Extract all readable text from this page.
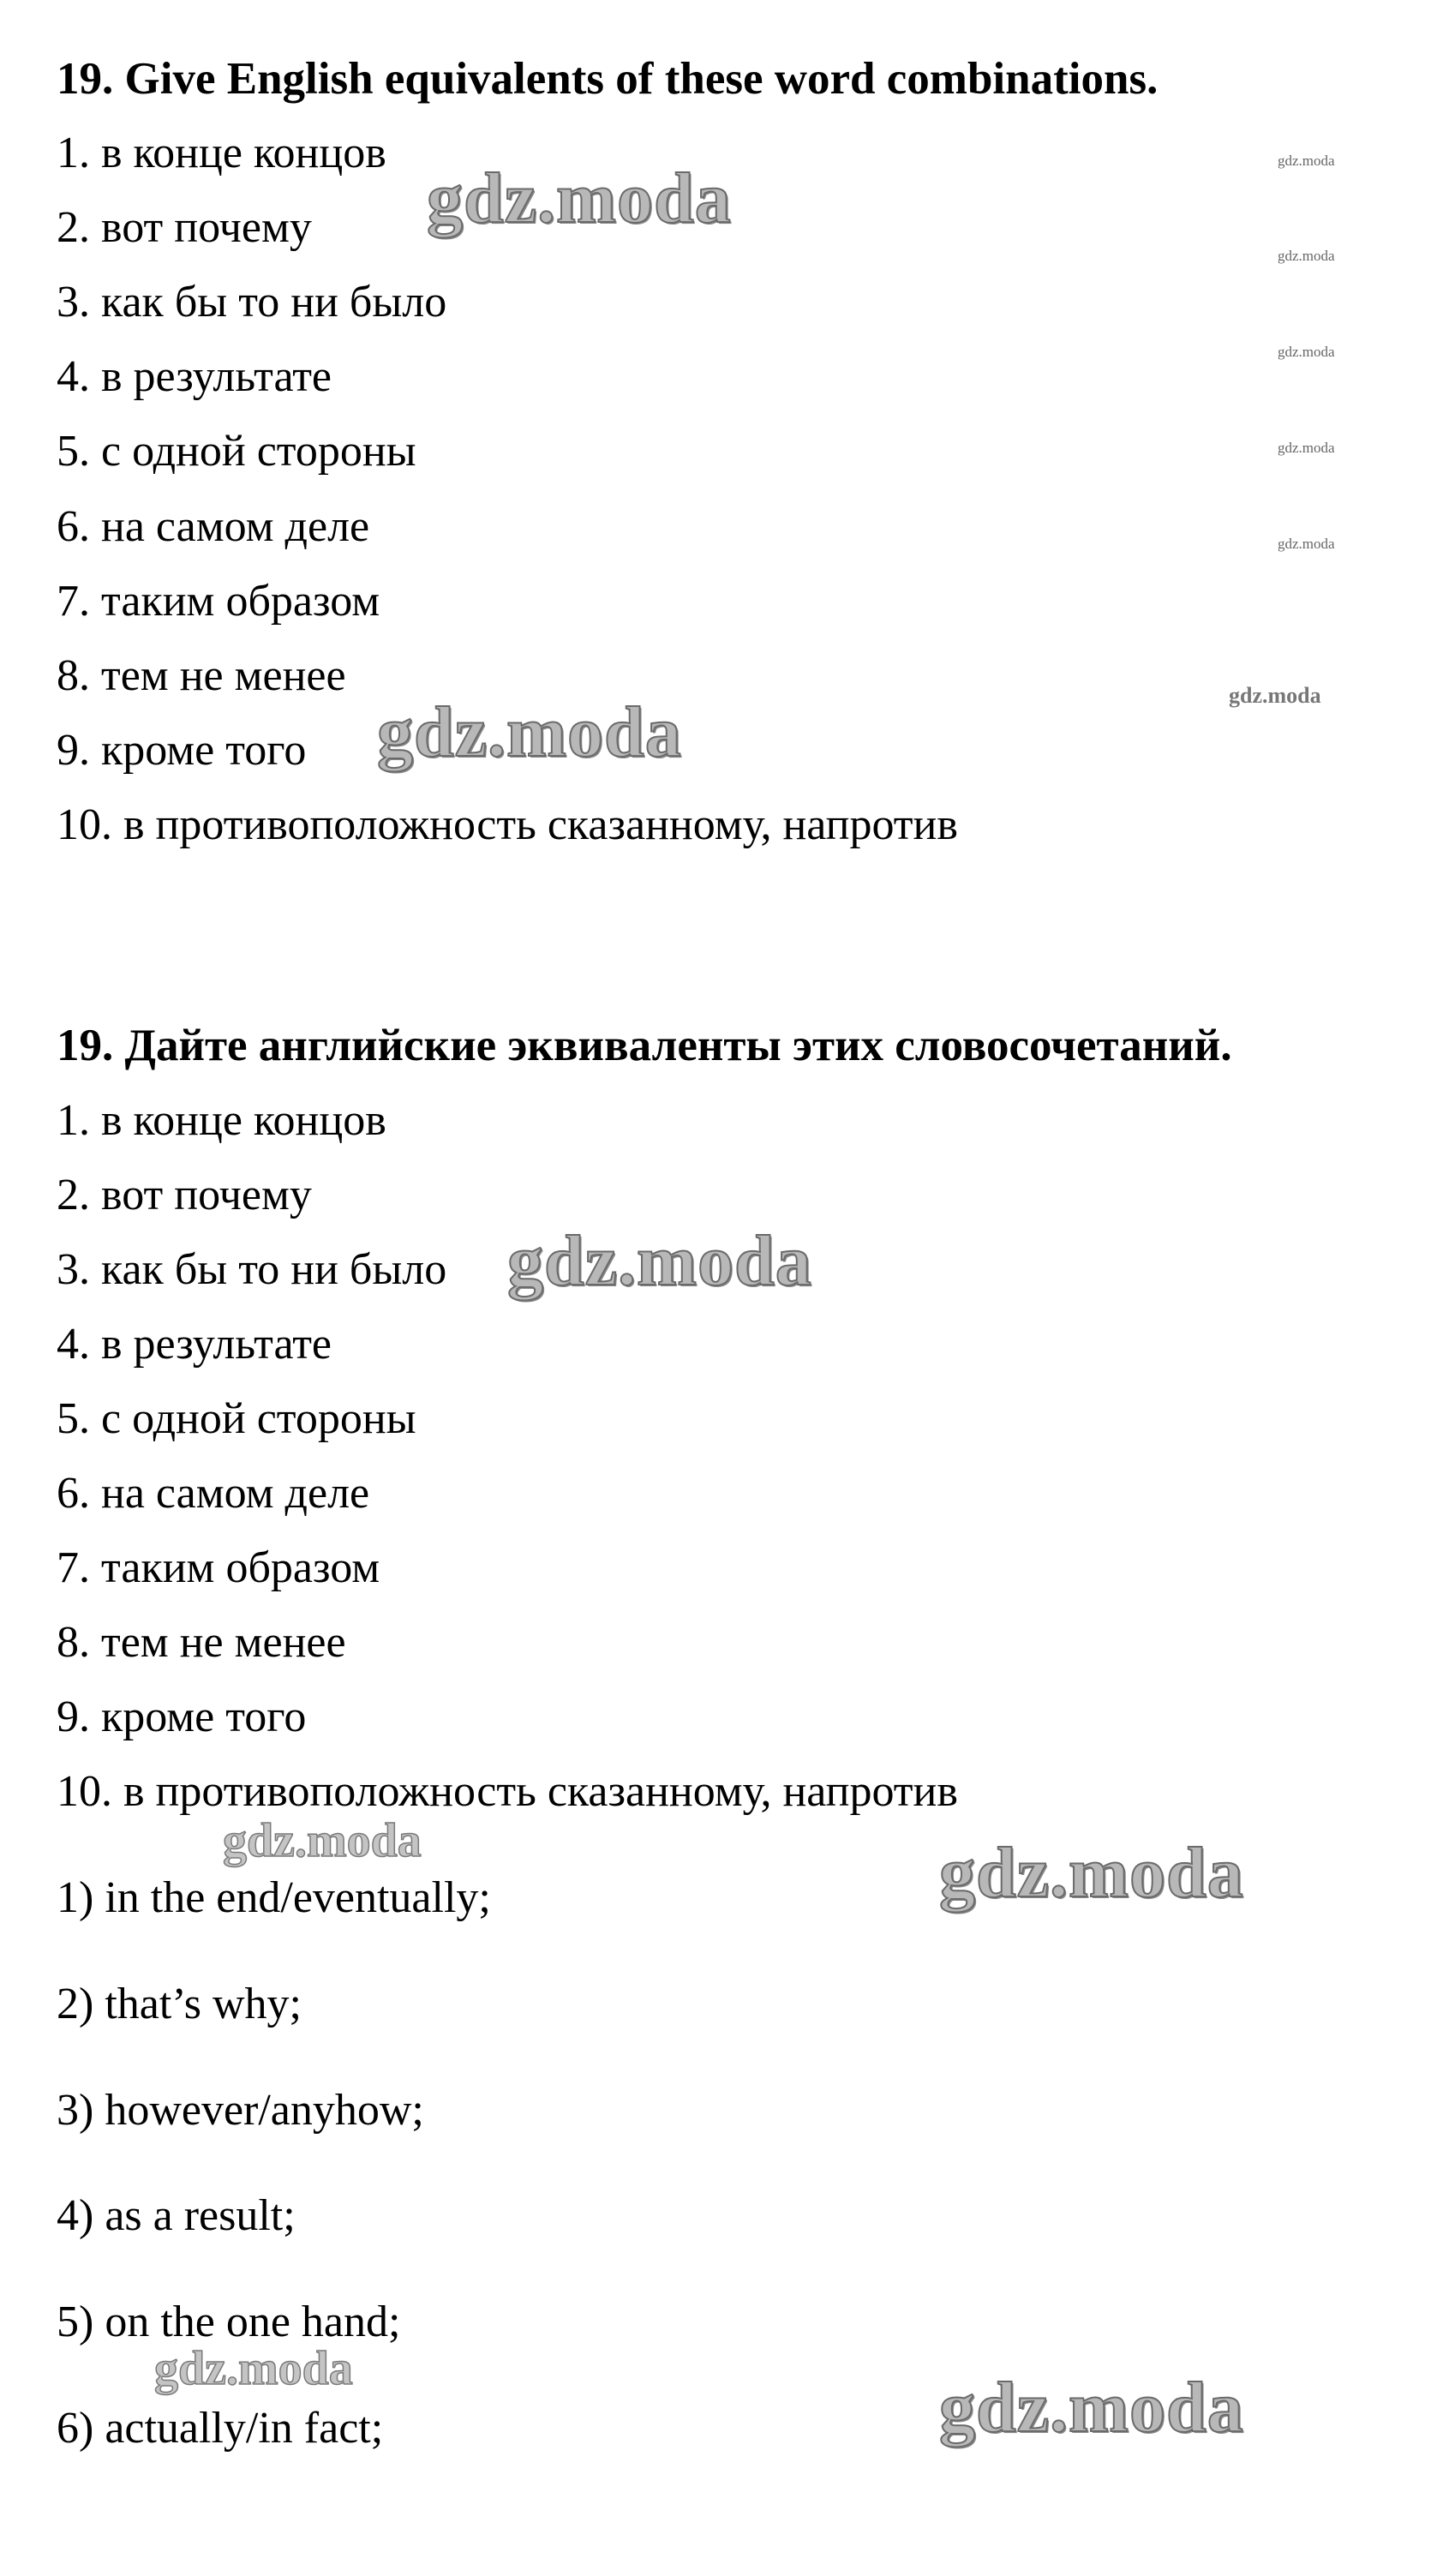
19. Give English equivalents of these word combinations.
1. в конце концов
2. вот почему
3. как бы то ни было
4. в результате
5. с одной стороны
6. на самом деле
7. таким образом
8. тем не менее
9. кроме того
10. в противоположность сказанному, напротив
19. Дайте английские эквиваленты этих словосочетаний.
1. в конце концов
2. вот почему
3. как бы то ни было
4. в результате
5. с одной стороны
6. на самом деле
7. таким образом
8. тем не менее
9. кроме того
10. в противоположность сказанному, напротив
1) in the end/eventually;
2) that’s why;
3) however/anyhow;
4) as a result;
5) on the one hand;
6) actually/in fact;
gdz.moda
gdz.moda
gdz.moda
gdz.moda
gdz.moda
gdz.moda
gdz.moda
gdz.moda
gdz.moda
gdz.moda
gdz.moda
gdz.moda
gdz.moda
